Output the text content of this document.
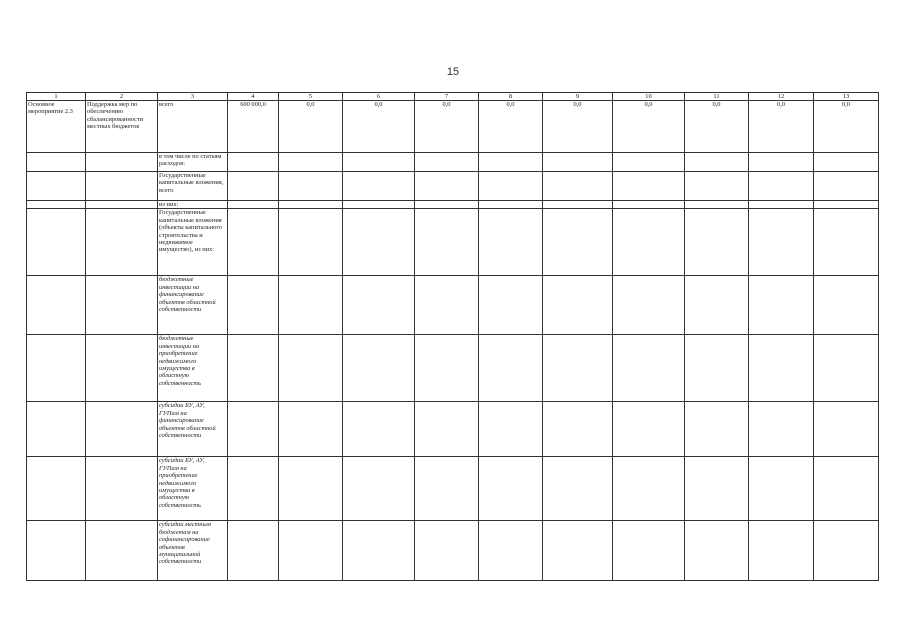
15
1	2	3	4	5	6	7	8	9	10	11	12	13
Основное мероприятие 2.3	Поддержка мер по обеспечению сбалансированности местных бюджетов	всего	600 000,0	0,0	0,0	0,0	0,0	0,0	0,0	0,0	0,0	0,0
		в том числе по статьям расходов:										
		Государственные капитальные вложения, всего										
		из них:										
		Государственные капитальные вложения (объекты капитального строительства и недвижимое имущество), из них:										
		бюджетные инвестиции на финансирование объектов областной собственности										
		бюджетные инвестиции на приобретение недвижимого имущества в областную собственность										
		субсидии БУ, АУ, ГУПам на финансирование объектов областной собственности										
		субсидии БУ, АУ, ГУПам на приобретение недвижимого имущества в областную собственность										
		субсидии местным бюджетам на софинансирование объектов муниципальной собственности										
